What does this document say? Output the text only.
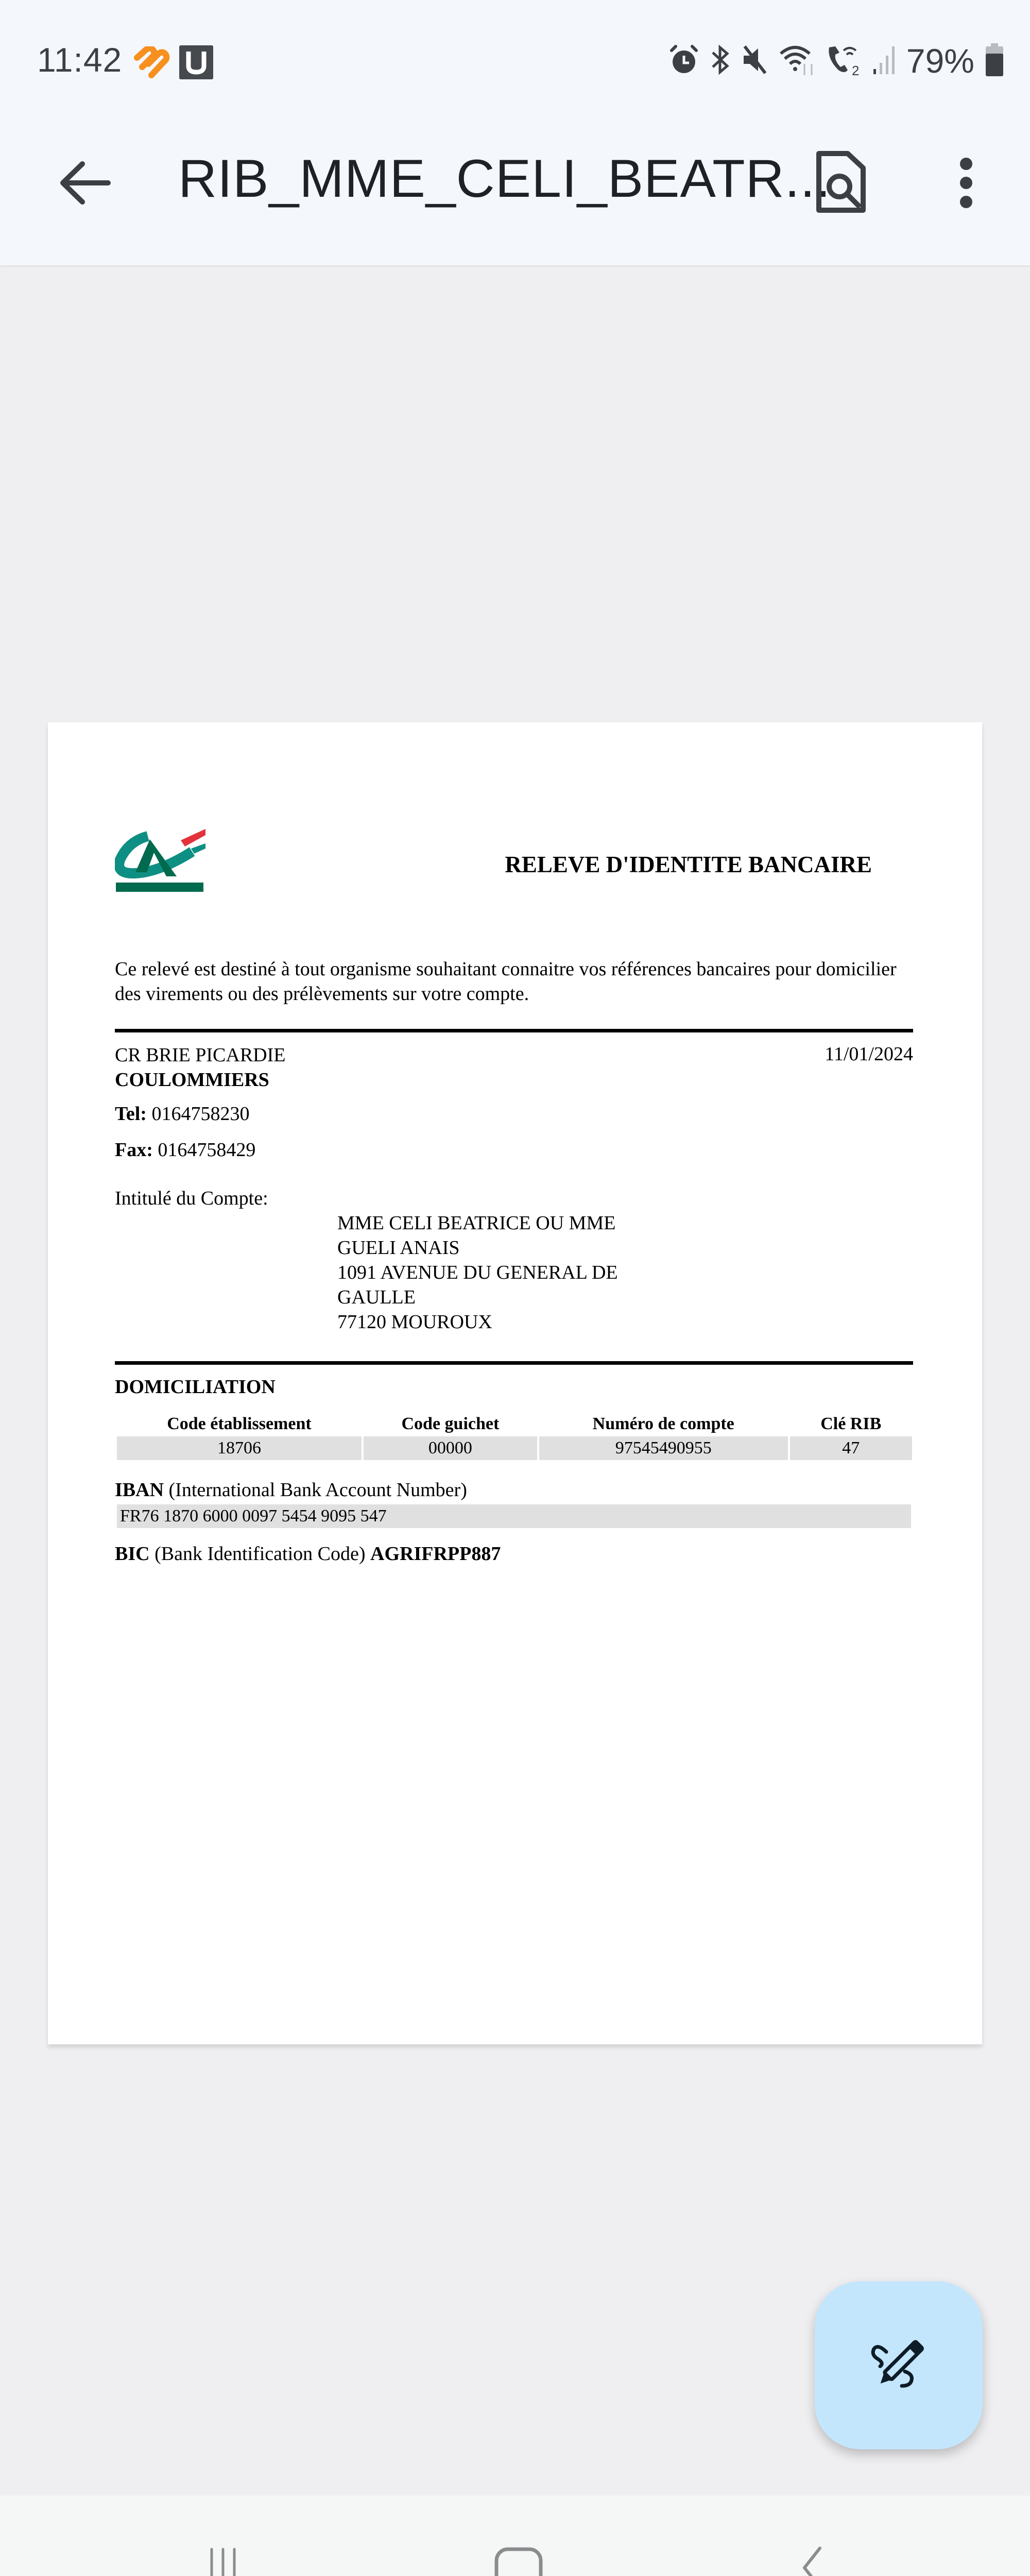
11:42	2 79%
RIB_MME_CELI_BEATR...
RELEVE D'IDENTITE BANCAIRE
Ce relevé est destiné à tout organisme souhaitant connaitre vos références bancaires pour domicilier des virements ou des prélèvements sur votre compte.
CR BRIE PICARDIE
COULOMMIERS
11/01/2024
Tel: 0164758230
Fax: 0164758429
Intitulé du Compte:
MME CELI BEATRICE OU MME
GUELI ANAIS
1091 AVENUE DU GENERAL DE
GAULLE
77120 MOUROUX
DOMICILIATION
Code établissement	Code guichet	Numéro de compte	Clé RIB
18706	00000	97545490955	47
IBAN (International Bank Account Number)
FR76 1870 6000 0097 5454 9095 547
BIC (Bank Identification Code) AGRIFRPP887
